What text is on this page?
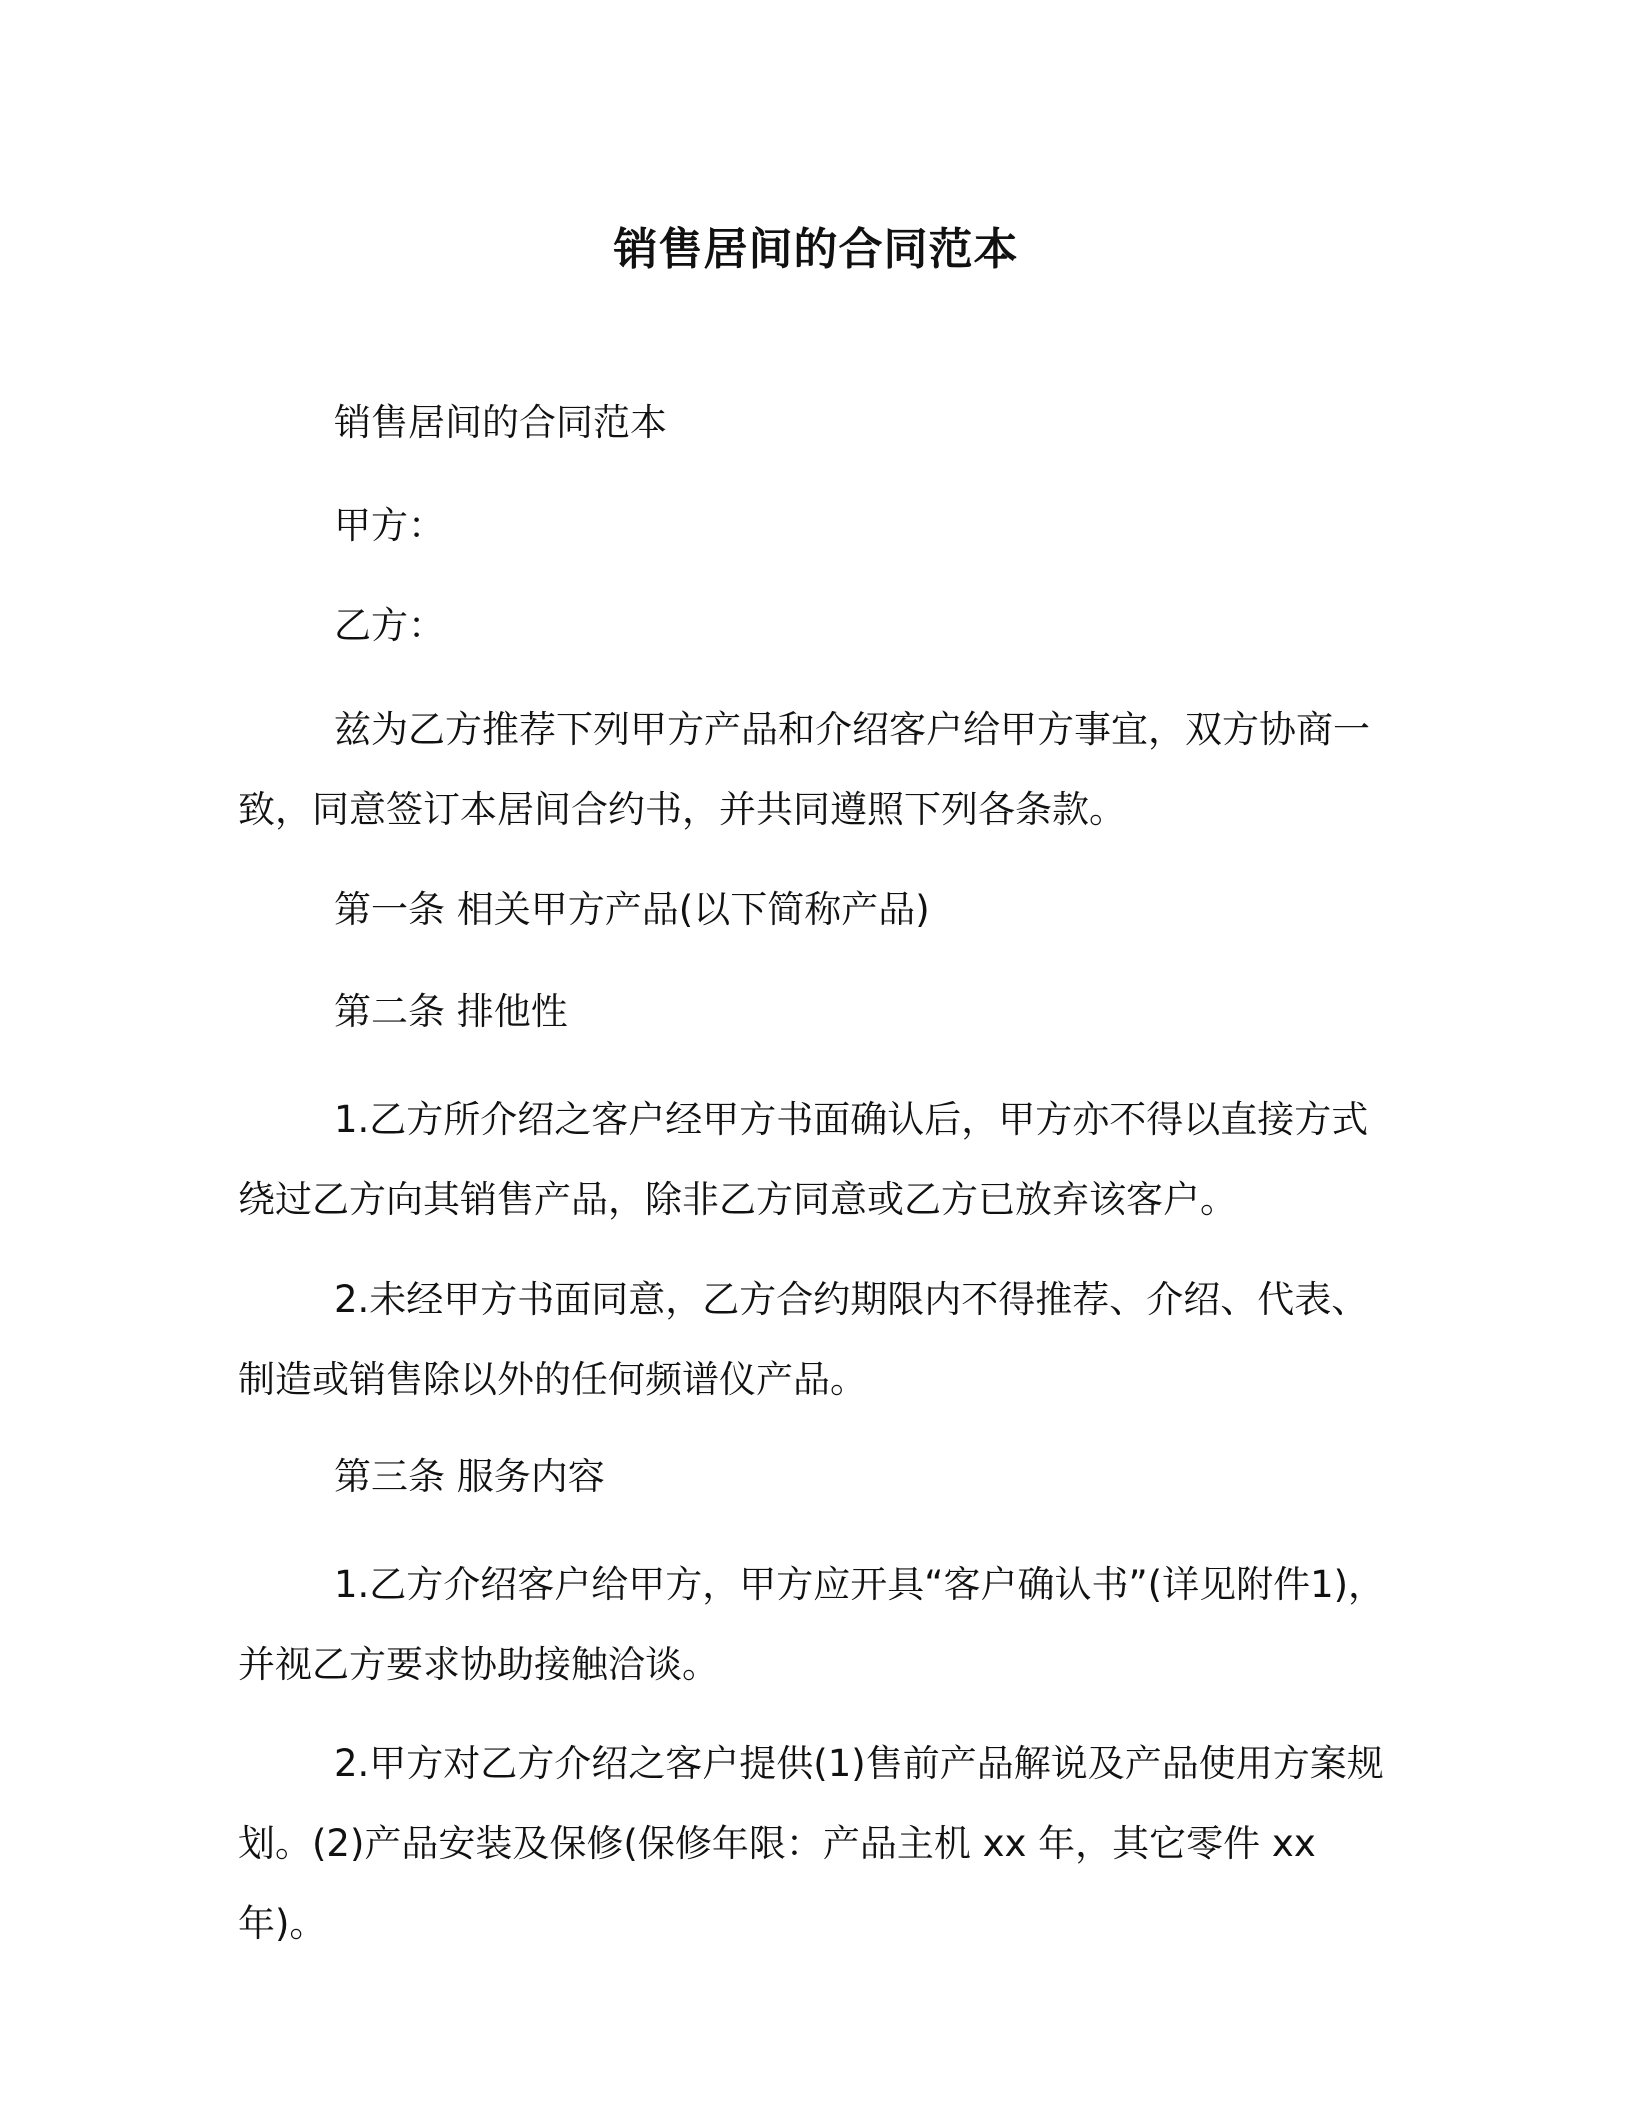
销售居间的合同范本

销售居间的合同范本

甲方：

乙方：

兹为乙方推荐下列甲方产品和介绍客户给甲方事宜，双方协商一致，同意签订本居间合约书，并共同遵照下列各条款。

第一条 相关甲方产品(以下简称产品)

第二条 排他性

1.乙方所介绍之客户经甲方书面确认后，甲方亦不得以直接方式绕过乙方向其销售产品，除非乙方同意或乙方已放弃该客户。

2.未经甲方书面同意，乙方合约期限内不得推荐、介绍、代表、制造或销售除以外的任何频谱仪产品。

第三条 服务内容

1.乙方介绍客户给甲方，甲方应开具“客户确认书”(详见附件1)，并视乙方要求协助接触洽谈。

2.甲方对乙方介绍之客户提供(1)售前产品解说及产品使用方案规划。(2)产品安装及保修(保修年限：产品主机 xx 年，其它零件 xx 年)。
